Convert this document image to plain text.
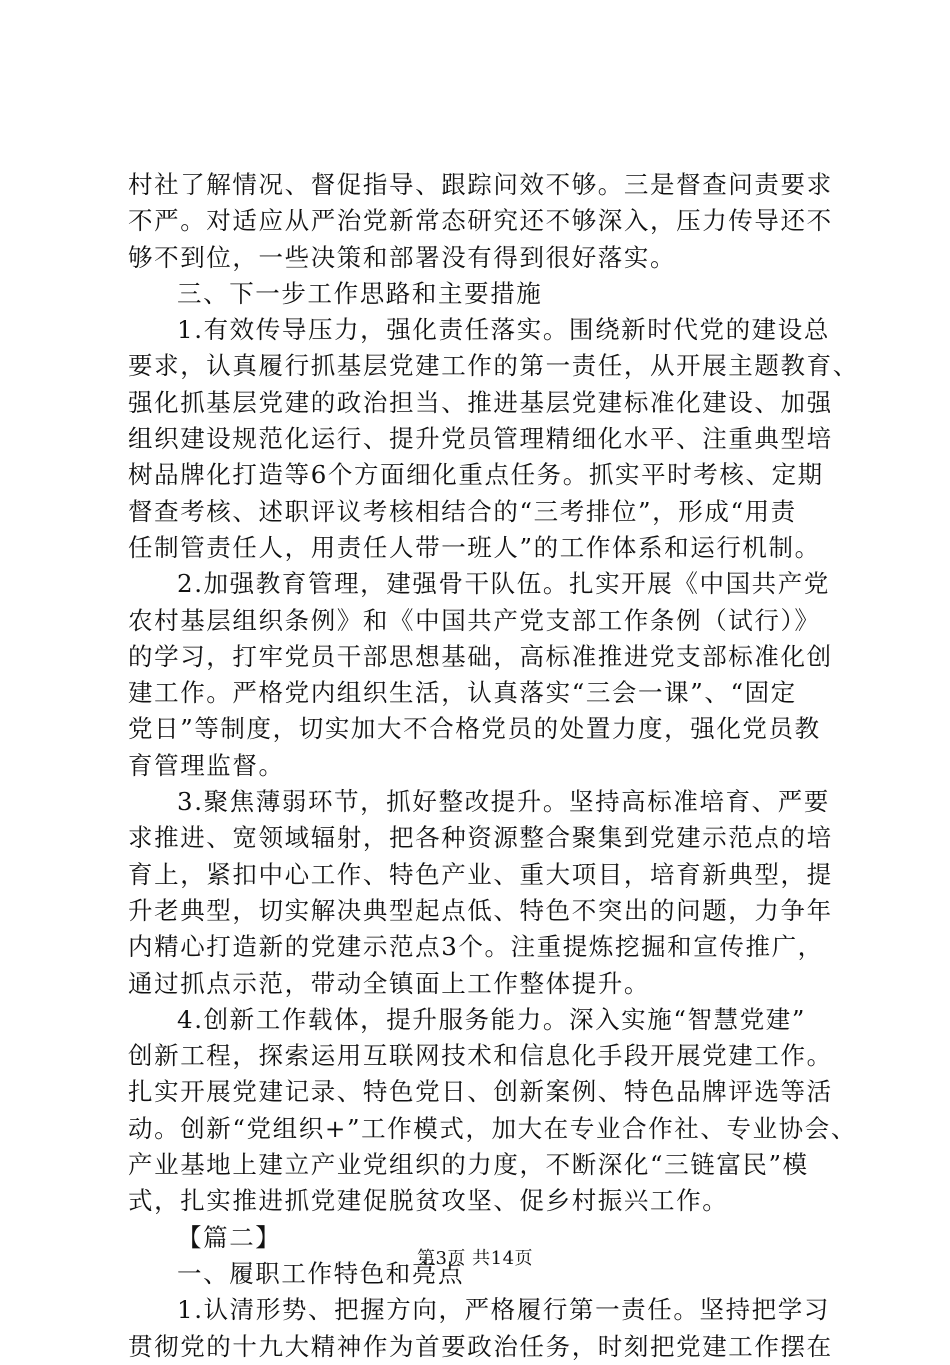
村社了解情况、督促指导、跟踪问效不够。三是督查问责要求
不严。对适应从严治党新常态研究还不够深入，压力传导还不
够不到位，一些决策和部署没有得到很好落实。
三、下一步工作思路和主要措施
1.有效传导压力，强化责任落实。围绕新时代党的建设总
要求，认真履行抓基层党建工作的第一责任，从开展主题教育、
强化抓基层党建的政治担当、推进基层党建标准化建设、加强
组织建设规范化运行、提升党员管理精细化水平、注重典型培
树品牌化打造等6个方面细化重点任务。抓实平时考核、定期
督查考核、述职评议考核相结合的“三考排位”，形成“用责
任制管责任人，用责任人带一班人”的工作体系和运行机制。
2.加强教育管理，建强骨干队伍。扎实开展《中国共产党
农村基层组织条例》和《中国共产党支部工作条例（试行）》
的学习，打牢党员干部思想基础，高标准推进党支部标准化创
建工作。严格党内组织生活，认真落实“三会一课”、“固定
党日”等制度，切实加大不合格党员的处置力度，强化党员教
育管理监督。
3.聚焦薄弱环节，抓好整改提升。坚持高标准培育、严要
求推进、宽领域辐射，把各种资源整合聚集到党建示范点的培
育上，紧扣中心工作、特色产业、重大项目，培育新典型，提
升老典型，切实解决典型起点低、特色不突出的问题，力争年
内精心打造新的党建示范点3个。注重提炼挖掘和宣传推广，
通过抓点示范，带动全镇面上工作整体提升。
4.创新工作载体，提升服务能力。深入实施“智慧党建”
创新工程，探索运用互联网技术和信息化手段开展党建工作。
扎实开展党建记录、特色党日、创新案例、特色品牌评选等活
动。创新“党组织+”工作模式，加大在专业合作社、专业协会、
产业基地上建立产业党组织的力度，不断深化“三链富民”模
式，扎实推进抓党建促脱贫攻坚、促乡村振兴工作。
【篇二】
一、履职工作特色和亮点
1.认清形势、把握方向，严格履行第一责任。坚持把学习
贯彻党的十九大精神作为首要政治任务，时刻把党建工作摆在
第3页 共14页
